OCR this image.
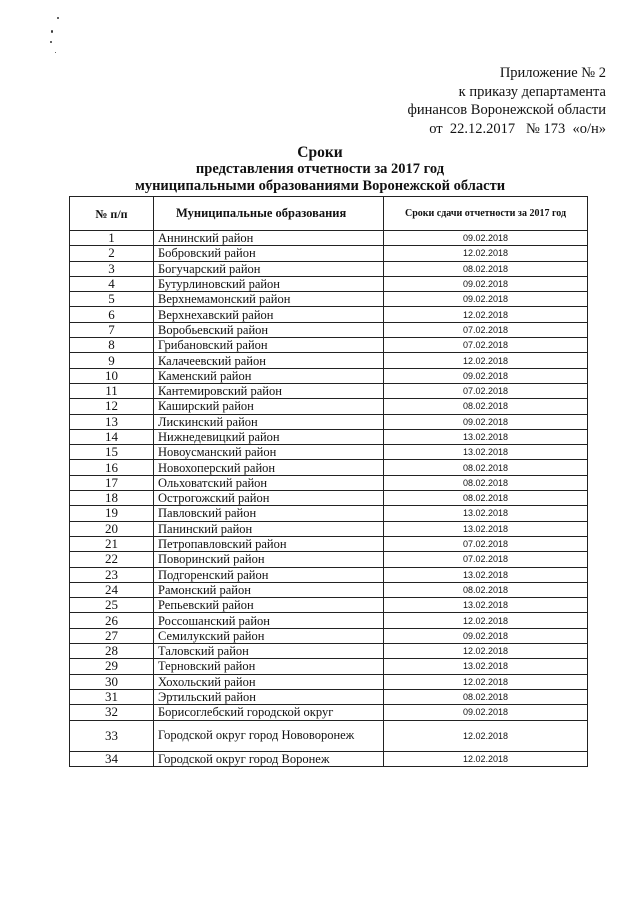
Приложение № 2
к приказу департамента
финансов Воронежской области
от  22.12.2017   № 173  «о/н»
Сроки
представления отчетности за 2017 год
муниципальными образованиями Воронежской области
№ п/п	Муниципальные образования	Сроки сдачи отчетности за 2017 год
1	Аннинский район	09.02.2018
2	Бобровский район	12.02.2018
3	Богучарский район	08.02.2018
4	Бутурлиновский район	09.02.2018
5	Верхнемамонский район	09.02.2018
6	Верхнехавский район	12.02.2018
7	Воробьевский район	07.02.2018
8	Грибановский район	07.02.2018
9	Калачеевский район	12.02.2018
10	Каменский район	09.02.2018
11	Кантемировский район	07.02.2018
12	Каширский район	08.02.2018
13	Лискинский район	09.02.2018
14	Нижнедевицкий район	13.02.2018
15	Новоусманский район	13.02.2018
16	Новохоперский район	08.02.2018
17	Ольховатский район	08.02.2018
18	Острогожский район	08.02.2018
19	Павловский район	13.02.2018
20	Панинский район	13.02.2018
21	Петропавловский район	07.02.2018
22	Поворинский район	07.02.2018
23	Подгоренский район	13.02.2018
24	Рамонский район	08.02.2018
25	Репьевский район	13.02.2018
26	Россошанский район	12.02.2018
27	Семилукский район	09.02.2018
28	Таловский район	12.02.2018
29	Терновский район	13.02.2018
30	Хохольский район	12.02.2018
31	Эртильский район	08.02.2018
32	Борисоглебский городской округ	09.02.2018
33	Городской округ город Нововоронеж	12.02.2018
34	Городской округ город Воронеж	12.02.2018
